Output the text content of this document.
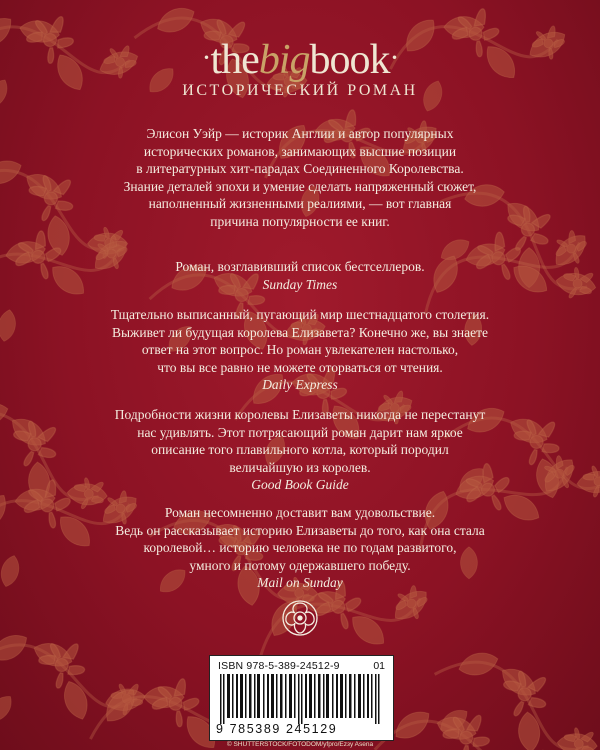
·thebigbook·
ИСТОРИЧЕСКИЙ РОМАН
Элисон Уэйр — историк Англии и автор популярных
исторических романов, занимающих высшие позиции
в литературных хит-парадах Соединенного Королевства.
Знание деталей эпохи и умение сделать напряженный сюжет,
наполненный жизненными реалиями, — вот главная
причина популярности ее книг.
Роман, возглавивший список бестселлеров.
Sunday Times
Тщательно выписанный, пугающий мир шестнадцатого столетия.
Выживет ли будущая королева Елизавета? Конечно же, вы знаете
ответ на этот вопрос. Но роман увлекателен настолько,
что вы все равно не можете оторваться от чтения.
Daily Express
Подробности жизни королевы Елизаветы никогда не перестанут
нас удивлять. Этот потрясающий роман дарит нам яркое
описание того плавильного котла, который породил
величайшую из королев.
Good Book Guide
Роман несомненно доставит вам удовольствие.
Ведь он рассказывает историю Елизаветы до того, как она стала
королевой… историю человека не по годам развитого,
умного и потому одержавшего победу.
Mail on Sunday
ISBN 978-5-389-24512-9	01
9 785389 245129
© SHUTTERSTOCK/FOTODOM/yfpro/Ezзy Asena
